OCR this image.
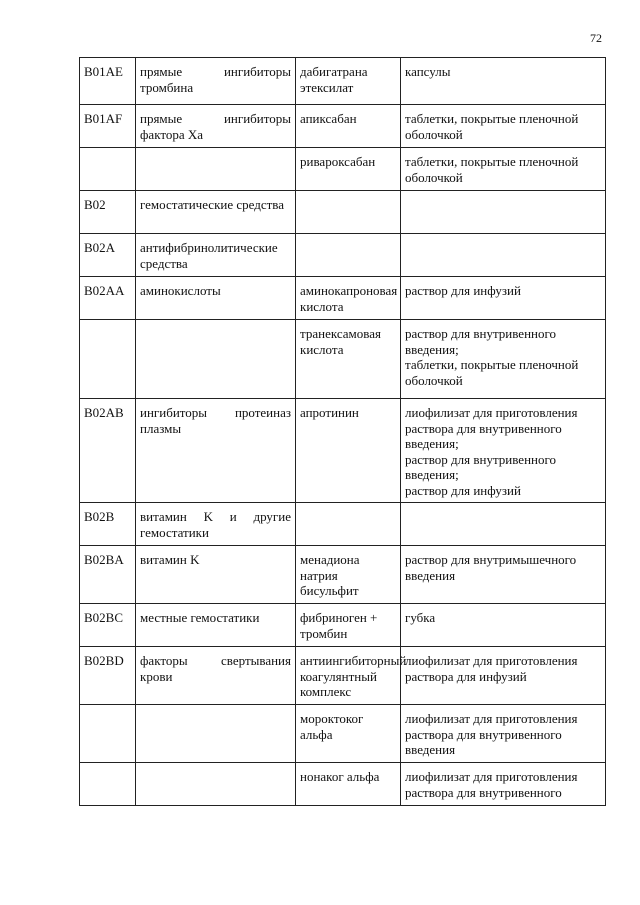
72
B01AE	прямые ингибиторы тромбина	дабигатрана этексилат	капсулы
B01AF	прямые ингибиторы фактора Xa	апиксабан	таблетки, покрытые пленочной оболочкой
		ривароксабан	таблетки, покрытые пленочной оболочкой
B02	гемостатические средства		
B02A	антифибринолитические средства		
B02AA	аминокислоты	аминокапроновая кислота	раствор для инфузий
		транексамовая кислота	раствор для внутривенного введения;
таблетки, покрытые пленочной оболочкой
B02AB	ингибиторы протеиназ плазмы	апротинин	лиофилизат для приготовления раствора для внутривенного введения;
раствор для внутривенного введения;
раствор для инфузий
B02B	витамин K и другие гемостатики		
B02BA	витамин K	менадиона натрия бисульфит	раствор для внутримышечного введения
B02BC	местные гемостатики	фибриноген + тромбин	губка
B02BD	факторы свертывания крови	антиингибиторный коагулянтный комплекс	лиофилизат для приготовления раствора для инфузий
		мороктоког альфа	лиофилизат для приготовления раствора для внутривенного введения
		нонаког альфа	лиофилизат для приготовления раствора для внутривенного
